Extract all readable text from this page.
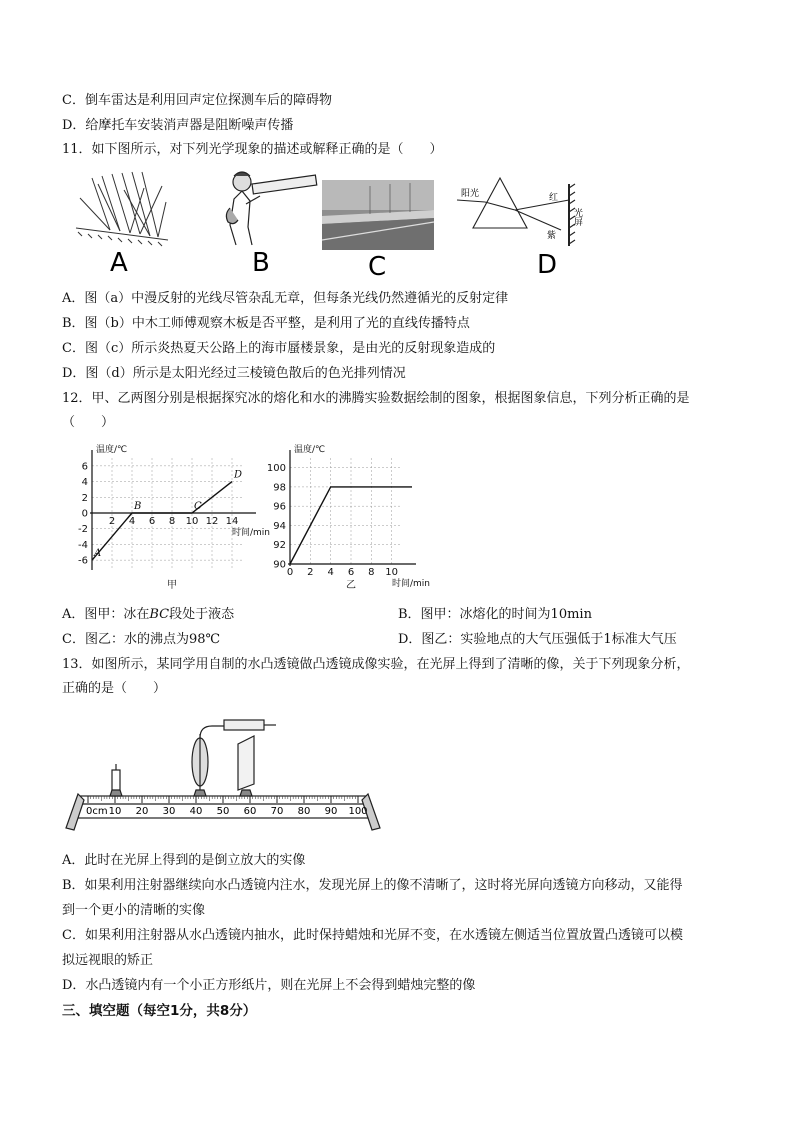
C．倒车雷达是利用回声定位探测车后的障碍物
D．给摩托车安装消声器是阻断噪声传播
11．如下图所示，对下列光学现象的描述或解释正确的是（　　）
A	B	C
阳光	红
紫
光屏
D
A．图（a）中漫反射的光线尽管杂乱无章，但每条光线仍然遵循光的反射定律
B．图（b）中木工师傅观察木板是否平整，是利用了光的直线传播特点
C．图（c）所示炎热夏天公路上的海市蜃楼景象，是由光的反射现象造成的
D．图（d）所示是太阳光经过三棱镜色散后的色光排列情况
12．甲、乙两图分别是根据探究冰的熔化和水的沸腾实验数据绘制的图象，根据图象信息，下列分析正确的是
（　　）
6
4
2
0
-2
-4
-6
2 4 6 8 10 12 14
温度/℃
时间/min
A
B	C
D
甲
100
98
96
94
92
90
0 2 4 6 8 10
温度/℃
时间/min
乙
A．图甲：冰在BC段处于液态	B．图甲：冰熔化的时间为10min
C．图乙：水的沸点为98℃	D．图乙：实验地点的大气压强低于1标准大气压
13．如图所示，某同学用自制的水凸透镜做凸透镜成像实验，在光屏上得到了清晰的像，关于下列现象分析，
正确的是（　　）
0cm 10 20 30 40 50 60 70 80 90 100
A．此时在光屏上得到的是倒立放大的实像
B．如果利用注射器继续向水凸透镜内注水，发现光屏上的像不清晰了，这时将光屏向透镜方向移动，又能得
到一个更小的清晰的实像
C．如果利用注射器从水凸透镜内抽水，此时保持蜡烛和光屏不变，在水透镜左侧适当位置放置凸透镜可以模
拟远视眼的矫正
D．水凸透镜内有一个小正方形纸片，则在光屏上不会得到蜡烛完整的像
三、填空题（每空1分，共8分）
